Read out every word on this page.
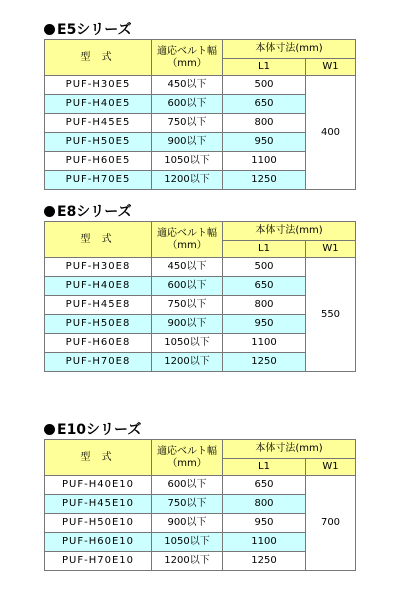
E5シリーズ
型 式	適応ベルト幅
（mm）	本体寸法(mm)	
		L1	W1
PUF-H30E5	450以下	500	400
PUF-H40E5	600以下	650	
PUF-H45E5	750以下	800	
PUF-H50E5	900以下	950	
PUF-H60E5	1050以下	1100	
PUF-H70E5	1200以下	1250	
E8シリーズ
型 式	適応ベルト幅
（mm）	本体寸法(mm)	
		L1	W1
PUF-H30E8	450以下	500	550
PUF-H40E8	600以下	650	
PUF-H45E8	750以下	800	
PUF-H50E8	900以下	950	
PUF-H60E8	1050以下	1100	
PUF-H70E8	1200以下	1250	
E10シリーズ
型 式	適応ベルト幅
（mm）	本体寸法(mm)	
		L1	W1
PUF-H40E10	600以下	650	700
PUF-H45E10	750以下	800	
PUF-H50E10	900以下	950	
PUF-H60E10	1050以下	1100	
PUF-H70E10	1200以下	1250	
